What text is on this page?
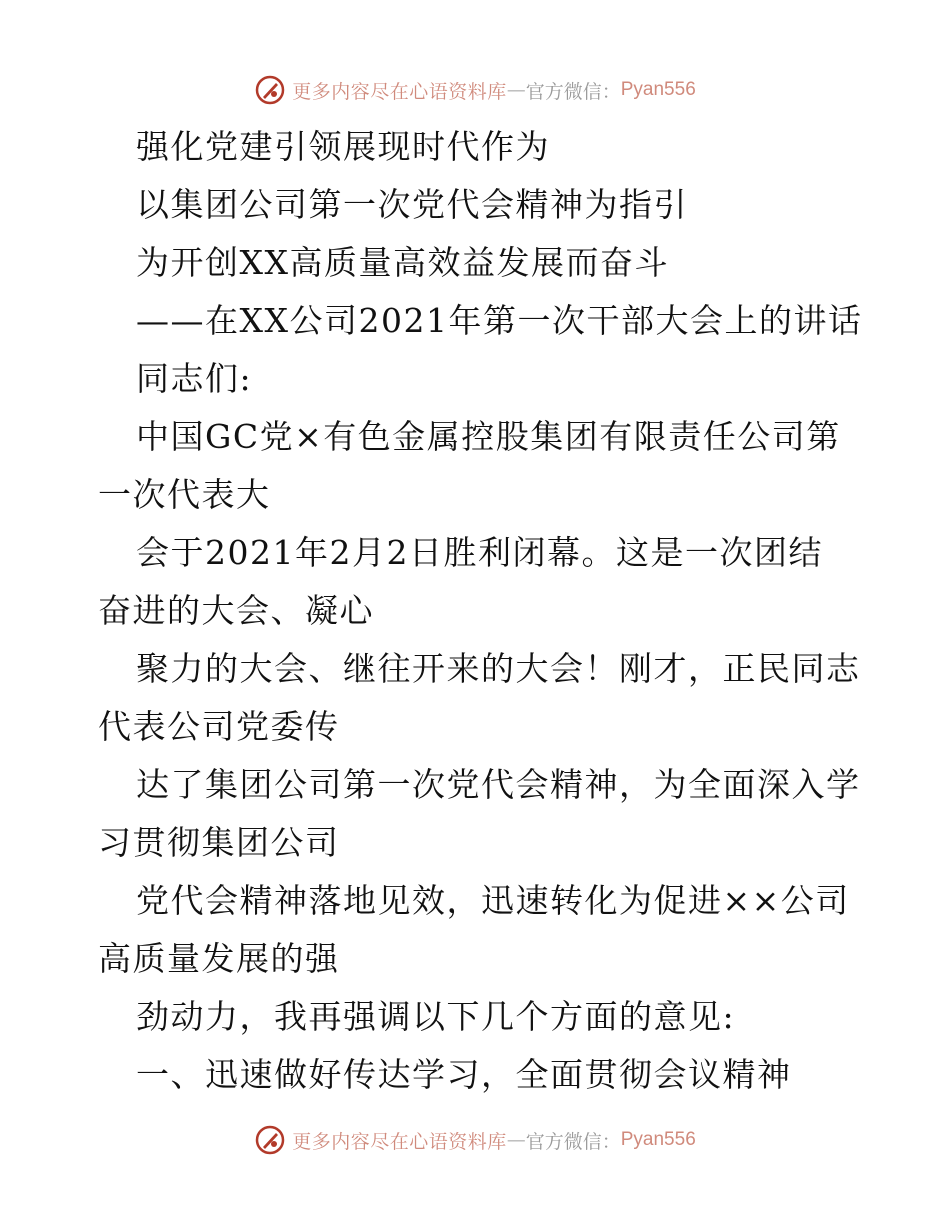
更多内容尽在心语资料库 — 官方微信： Pyan556
强化党建引领展现时代作为
以集团公司第一次党代会精神为指引
为开创XX高质量高效益发展而奋斗
——在XX公司2021年第一次干部大会上的讲话
同志们:
中国GC党×有色金属控股集团有限责任公司第
一次代表大
会于2021年2月2日胜利闭幕。这是一次团结
奋进的大会、凝心
聚力的大会、继往开来的大会！刚才，正民同志
代表公司党委传
达了集团公司第一次党代会精神，为全面深入学
习贯彻集团公司
党代会精神落地见效，迅速转化为促进××公司
高质量发展的强
劲动力，我再强调以下几个方面的意见:
一、迅速做好传达学习，全面贯彻会议精神
更多内容尽在心语资料库 — 官方微信： Pyan556
